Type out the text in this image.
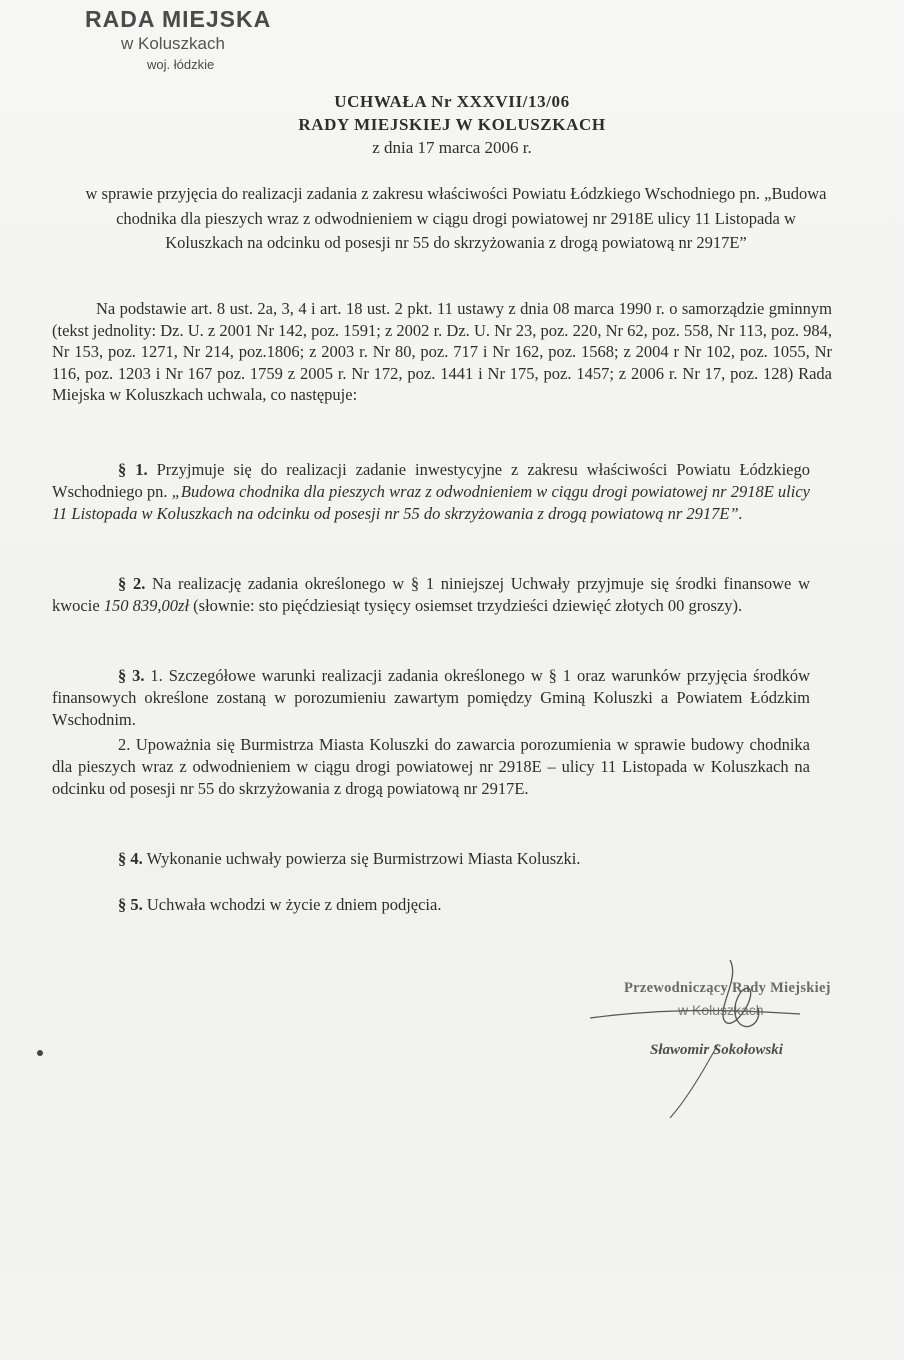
RADA MIEJSKA
w Koluszkach
woj. łódzkie
UCHWAŁA Nr XXXVII/13/06
RADY MIEJSKIEJ W KOLUSZKACH
z dnia 17 marca 2006 r.
w sprawie przyjęcia do realizacji zadania z zakresu właściwości Powiatu Łódzkiego Wschodniego pn. „Budowa chodnika dla pieszych wraz z odwodnieniem w ciągu drogi powiatowej nr 2918E ulicy 11 Listopada w Koluszkach na odcinku od posesji nr 55 do skrzyżowania z drogą powiatową nr 2917E”
Na podstawie art. 8 ust. 2a, 3, 4 i art. 18 ust. 2 pkt. 11 ustawy z dnia 08 marca 1990 r. o samorządzie gminnym (tekst jednolity: Dz. U. z 2001 Nr 142, poz. 1591; z 2002 r. Dz. U. Nr 23, poz. 220, Nr 62, poz. 558, Nr 113, poz. 984, Nr 153, poz. 1271, Nr 214, poz.1806; z 2003 r. Nr 80, poz. 717 i Nr 162, poz. 1568; z 2004 r Nr 102, poz. 1055, Nr 116, poz. 1203 i Nr 167 poz. 1759 z 2005 r. Nr 172, poz. 1441 i Nr 175, poz. 1457; z 2006 r. Nr 17, poz. 128) Rada Miejska w Koluszkach uchwala, co następuje:
§ 1. Przyjmuje się do realizacji zadanie inwestycyjne z zakresu właściwości Powiatu Łódzkiego Wschodniego pn. „Budowa chodnika dla pieszych wraz z odwodnieniem w ciągu drogi powiatowej nr 2918E ulicy 11 Listopada w Koluszkach na odcinku od posesji nr 55 do skrzyżowania z drogą powiatową nr 2917E”.
§ 2. Na realizację zadania określonego w § 1 niniejszej Uchwały przyjmuje się środki finansowe w kwocie 150 839,00zł (słownie: sto pięćdziesiąt tysięcy osiemset trzydzieści dziewięć złotych 00 groszy).
§ 3. 1. Szczegółowe warunki realizacji zadania określonego w § 1 oraz warunków przyjęcia środków finansowych określone zostaną w porozumieniu zawartym pomiędzy Gminą Koluszki a Powiatem Łódzkim Wschodnim.
2. Upoważnia się Burmistrza Miasta Koluszki do zawarcia porozumienia w sprawie budowy chodnika dla pieszych wraz z odwodnieniem w ciągu drogi powiatowej nr 2918E – ulicy 11 Listopada w Koluszkach na odcinku od posesji nr 55 do skrzyżowania z drogą powiatową nr 2917E.
§ 4. Wykonanie uchwały powierza się Burmistrzowi Miasta Koluszki.
§ 5. Uchwała wchodzi w życie z dniem podjęcia.
Przewodniczący Rady Miejskiej
w Koluszkach
Sławomir Sokołowski
